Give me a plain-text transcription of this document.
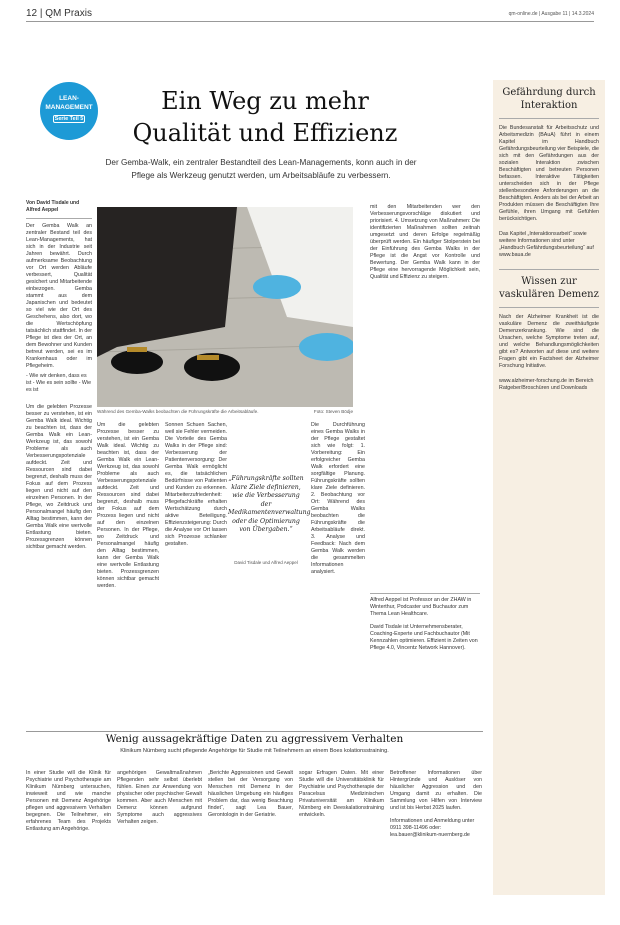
12 | QM Praxis	qm-online.de | Ausgabe 11 | 14.3.2024
LEAN-
MANAGEMENT
Serie Teil 5
Ein Weg zu mehr
Qualität und Effizienz
Der Gemba-Walk, ein zentraler Bestandteil des Lean-Managements, konn auch in der Pflege als Werkzeug genutzt werden, um Arbeitsabläufe zu verbessern.
Von David Tisdale und Alfred Aeppel
Der Gemba Walk an zentraler Bestand teil des Lean-Managements, hat sich in der Industrie seit Jahren bewährt. Durch aufmerksame Beobachtung vor Ort werden Abläufe verbessert, Qualität gesichert und Mitarbeitende einbezogen. Gemba stammt aus dem Japanischen und bedeutet so viel wie der Ort des Geschehens, also dort, wo die Wertschöpfung tatsächlich stattfindet. In der Pflege ist dies der Ort, an dem Bewohner und Kunden betreut werden, sei es im Krankenhaus oder im Pflegeheim.
- Wie wir denken, dass es ist - Wie es sein sollte - Wie es ist
Um die gelebten Prozesse besser zu verstehen, ist ein Gemba Walk ideal. Wichtig zu beachten ist, dass der Gemba Walk ein Lean-Werkzeug ist, das sowohl Probleme als auch Verbesserungspotenziale aufdeckt. Zeit und Ressourcen sind dabei begrenzt, deshalb muss der Fokus auf dem Prozess liegen und nicht auf den einzelnen Personen. In der Pflege, wo Zeitdruck und Personalmangel häufig den Alltag bestimmen, kann der Gemba Walk eine wertvolle Entlastung bieten. Prozessgrenzen können sichtbar gemacht werden.
Während des Gemba-Walks beobachten die Führungskräfte die Arbeitsabläufe.	Foto: Steven Bödje
Um die gelebten Prozesse besser zu verstehen, ist ein Gemba Walk ideal. Wichtig zu beachten ist, dass der Gemba Walk ein Lean-Werkzeug ist, das sowohl Probleme als auch Verbesserungspotenziale aufdeckt. Zeit und Ressourcen sind dabei begrenzt, deshalb muss der Fokus auf dem Prozess liegen und nicht auf den einzelnen Personen. In der Pflege, wo Zeitdruck und Personalmangel häufig den Alltag bestimmen, kann der Gemba Walk eine wertvolle Entlastung bieten. Prozessgrenzen können sichtbar gemacht werden.
Sonnen Schuen Sachen, weil sie Fehler vermeiden. Die Vorteile des Gemba Walks in der Pflege sind: Verbesserung der Patientenversorgung: Der Gemba Walk ermöglicht es, die tatsächlichen Bedürfnisse von Patienten und Kunden zu erkennen. Mitarbeiterzufriedenheit: Pflegefachkräfte erhalten Wertschätzung durch aktive Beteiligung. Effizienzsteigerung: Durch die Analyse vor Ort lassen sich Prozesse schlanker gestalten.
„Führungskräfte sollten klare Ziele definieren, wie die Verbesserung der Medikamentenverwaltung oder die Optimierung von Übergaben.“
David Tisdale und Alfred Aeppel
Die Durchführung eines Gemba Walks in der Pflege gestaltet sich wie folgt: 1. Vorbereitung: Ein erfolgreicher Gemba Walk erfordert eine sorgfältige Planung. Führungskräfte sollten klare Ziele definieren. 2. Beobachtung vor Ort: Während des Gemba Walks beobachten die Führungskräfte die Arbeitsabläufe direkt. 3. Analyse und Feedback: Nach dem Gemba Walk werden die gesammelten Informationen analysiert.
mit den Mitarbeitenden wer den Verbesserungsvorschläge diskutiert und priorisiert. 4. Umsetzung von Maßnahmen: Die identifizierten Maßnahmen sollten zeitnah umgesetzt und deren Erfolge regelmäßig überprüft werden. Ein häufiger Stolperstein bei der Einführung des Gemba Walks in der Pflege ist die Angst vor Kontrolle und Bewertung. Der Gemba Walk kann in der Pflege eine hervorragende Möglichkeit sein, Qualität und Effizienz zu steigern.
Alfred Aeppel ist Professor an der ZHAW in Winterthur, Podcaster und Buchautor zum Thema Lean Healthcare.
David Tisdale ist Unternehmensberater, Coaching-Experte und Fachbuchautor (Mit Kennzahlen optimieren. Effizient in Zeiten von Pflege 4.0, Vincentz Network Hannover).
Gefährdung durch Interaktion
Die Bundesanstalt für Arbeitsschutz und Arbeitsmedizin (BAuA) führt in einem Kapitel im Handbuch Gefährdungsbeurteilung vier Beispiele, die sich mit den Gefährdungen aus der sozialen Interaktion zwischen Beschäftigten und betreuten Personen befassen. Interaktive Tätigkeiten unterscheiden sich in der Pflege stellenbesondere Anforderungen an die Beschäftigten. Anders als bei der Arbeit an Produkten müssen die Beschäftigten Ihre Gefühle, ihren Umgang mit Gefühlen berücksichtigen.
Das Kapitel „Interaktionsarbeit“ sowie weitere Informationen sind unter „Handbuch Gefährdungsbeurteilung“ auf www.baua.de
Wissen zur vaskulären Demenz
Nach der Alzheimer Krankheit ist die vaskuläre Demenz die zweithäufigste Demenzerkrankung. Wie sind die Ursachen, welche Symptome treten auf, und welche Behandlungsmöglichkeiten gibt es? Antworten auf diese und weitere Fragen gibt ein Factsheet der Alzheimer Forschung Initiative.
www.alzheimer-forschung.de im Bereich Ratgeber/Broschüren und Downloads
Wenig aussagekräftige Daten zu aggressivem Verhalten
Klinikum Nürnberg sucht pflegende Angehörige für Studie mit Teilnehmern an einem Boes kolationsstraining.
In einer Studie will die Klinik für Psychiatrie und Psychotherapie am Klinikum Nürnberg untersuchen, inwieweit und wie manche Personen mit Demenz Angehörige pflegen und aggressivem Verhalten begegnen. Die Teilnehmer, ein erfahrenes Team des Projekts Entlastung am Angehörige.
angehörigen Gewaltmaßnahmen Pflegenden sehr selbst überlebt fühlen. Einen zur Anwendung von physischer oder psychischer Gewalt kommen. Aber auch Menschen mit Demenz können aufgrund Symptome auch aggressives Verhalten zeigen.
„Berichte Aggressionen und Gewalt stellen bei der Versorgung von Menschen mit Demenz in der häuslichen Umgebung ein häufiges Problem dar, das wenig Beachtung findet“, sagt Lea Bauer, Gerontologin in der Geriatrie.
sogar Erfragen Daten. Mit einer Studie will die Universitätsklinik für Psychiatrie und Psychotherapie der Paracelsus Medizinischen Privatuniversität am Klinikum Nürnberg ein Deeskalationstraining entwickeln.
Betroffener Informationen über Hintergründe und Auslöser von häuslicher Aggression und den Umgang damit zu erhalten. Die Sammlung von Hilfen von Interview und ist bis Herbst 2025 laufen.
Informationen und Anmeldung unter 0911 398-11496 oder: lea.bauer@klinikum-nuernberg.de
